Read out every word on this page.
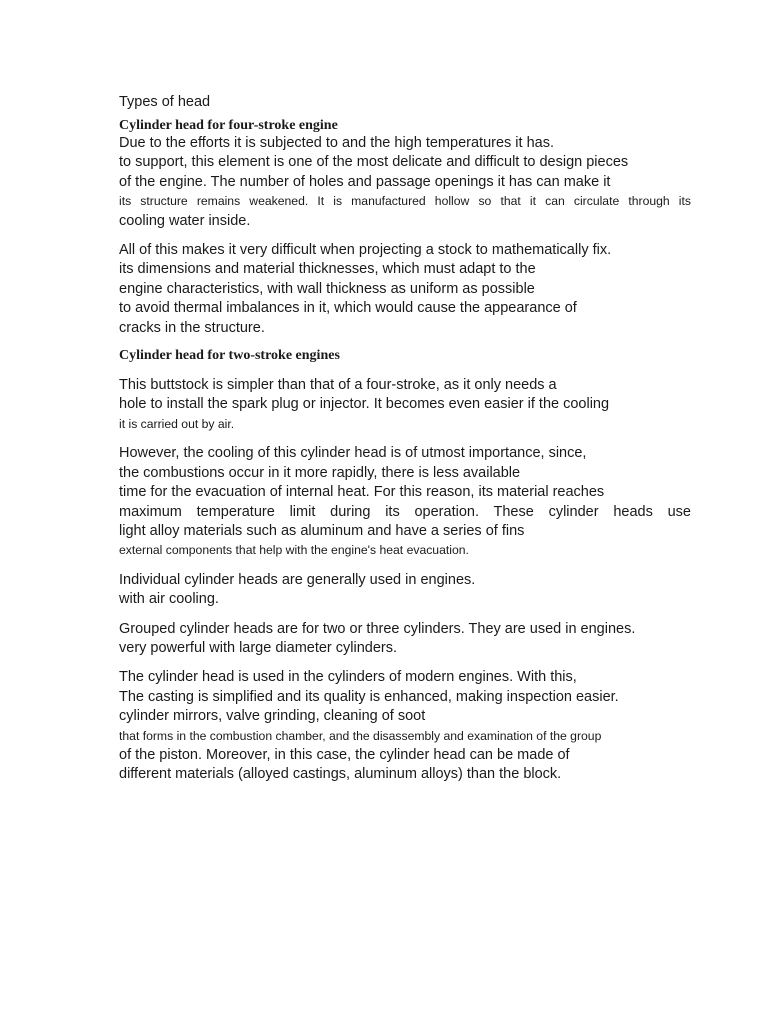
Types of head
Cylinder head for four-stroke engine
Due to the efforts it is subjected to and the high temperatures it has.
to support, this element is one of the most delicate and difficult to design pieces
of the engine. The number of holes and passage openings it has can make it
its structure remains weakened. It is manufactured hollow so that it can circulate through its
cooling water inside.
All of this makes it very difficult when projecting a stock to mathematically fix.
its dimensions and material thicknesses, which must adapt to the
engine characteristics, with wall thickness as uniform as possible
to avoid thermal imbalances in it, which would cause the appearance of
cracks in the structure.
Cylinder head for two-stroke engines
This buttstock is simpler than that of a four-stroke, as it only needs a
hole to install the spark plug or injector. It becomes even easier if the cooling
it is carried out by air.
However, the cooling of this cylinder head is of utmost importance, since,
the combustions occur in it more rapidly, there is less available
time for the evacuation of internal heat. For this reason, its material reaches
maximum temperature limit during its operation. These cylinder heads use
light alloy materials such as aluminum and have a series of fins
external components that help with the engine's heat evacuation.
Individual cylinder heads are generally used in engines.
with air cooling.
Grouped cylinder heads are for two or three cylinders. They are used in engines.
very powerful with large diameter cylinders.
The cylinder head is used in the cylinders of modern engines. With this,
The casting is simplified and its quality is enhanced, making inspection easier.
cylinder mirrors, valve grinding, cleaning of soot
that forms in the combustion chamber, and the disassembly and examination of the group
of the piston. Moreover, in this case, the cylinder head can be made of
different materials (alloyed castings, aluminum alloys) than the block.
